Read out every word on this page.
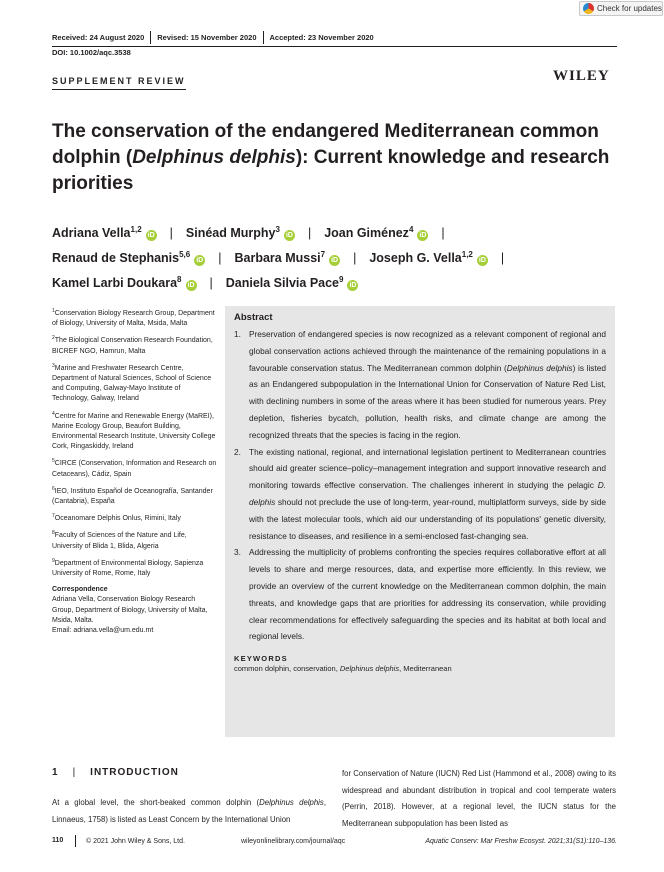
Check for updates
Received: 24 August 2020	Revised: 15 November 2020	Accepted: 23 November 2020
DOI: 10.1002/aqc.3538
SUPPLEMENT REVIEW	WILEY
The conservation of the endangered Mediterranean common dolphin (Delphinus delphis): Current knowledge and research priorities
Adriana Vella$^{1,2}$iD | Sinéad Murphy$^3$iD | Joan Giménez$^4$iD |
Renaud de Stephanis$^{5,6}$iD | Barbara Mussi$^7$iD | Joseph G. Vella$^{1,2}$iD |
Kamel Larbi Doukara$^8$iD | Daniela Silvia Pace$^9$iD
$^1$Conservation Biology Research Group, Department of Biology, University of Malta, Msida, Malta
$^2$The Biological Conservation Research Foundation, BICREF NGO, Hamrun, Malta
$^3$Marine and Freshwater Research Centre, Department of Natural Sciences, School of Science and Computing, Galway-Mayo Institute of Technology, Galway, Ireland
$^4$Centre for Marine and Renewable Energy (MaREI), Marine Ecology Group, Beaufort Building, Environmental Research Institute, University College Cork, Ringaskiddy, Ireland
$^5$CIRCE (Conservation, Information and Research on Cetaceans), Cádiz, Spain
$^6$IEO, Instituto Español de Oceanografía, Santander (Cantabria), España
$^7$Oceanomare Delphis Onlus, Rimini, Italy
$^8$Faculty of Sciences of the Nature and Life, University of Blida 1, Blida, Algeria
$^9$Department of Environmental Biology, Sapienza University of Rome, Rome, Italy
Correspondence
Adriana Vella, Conservation Biology Research Group, Department of Biology, University of Malta, Msida, Malta.
Email: adriana.vella@um.edu.mt
Abstract
1. Preservation of endangered species is now recognized as a relevant component of regional and global conservation actions achieved through the maintenance of the remaining populations in a favourable conservation status. The Mediterranean common dolphin (Delphinus delphis) is listed as an Endangered subpopulation in the International Union for Conservation of Nature Red List, with declining numbers in some of the areas where it has been studied for numerous years. Prey depletion, fisheries bycatch, pollution, health risks, and climate change are among the recognized threats that the species is facing in the region.
2. The existing national, regional, and international legislation pertinent to Mediterranean countries should aid greater science–policy–management integration and support innovative research and monitoring towards effective conservation. The challenges inherent in studying the pelagic D. delphis should not preclude the use of long-term, year-round, multiplatform surveys, side by side with the latest molecular tools, which aid our understanding of its populations' genetic diversity, resistance to diseases, and resilience in a semi-enclosed fast-changing sea.
3. Addressing the multiplicity of problems confronting the species requires collaborative effort at all levels to share and merge resources, data, and expertise more efficiently. In this review, we provide an overview of the current knowledge on the Mediterranean common dolphin, the main threats, and knowledge gaps that are priorities for addressing its conservation, while providing clear recommendations for effectively safeguarding the species and its habitat at both local and regional levels.
KEYWORDS
common dolphin, conservation, Delphinus delphis, Mediterranean
1 | INTRODUCTION
At a global level, the short-beaked common dolphin (Delphinus delphis, Linnaeus, 1758) is listed as Least Concern by the International Union
for Conservation of Nature (IUCN) Red List (Hammond et al., 2008) owing to its widespread and abundant distribution in tropical and cool temperate waters (Perrin, 2018). However, at a regional level, the IUCN status for the Mediterranean subpopulation has been listed as
110	© 2021 John Wiley & Sons, Ltd.	wileyonlinelibrary.com/journal/aqc	Aquatic Conserv: Mar Freshw Ecosyst. 2021;31(S1):110–136.
